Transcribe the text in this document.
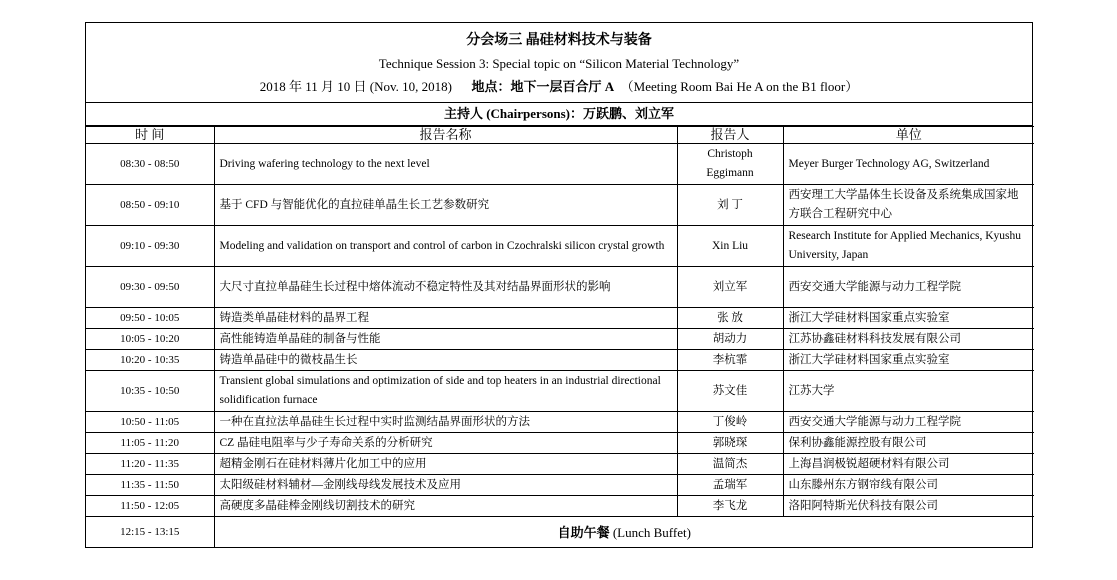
分会场三 晶硅材料技术与装备
Technique Session 3: Special topic on “Silicon Material Technology”
2018 年 11 月 10 日 (Nov. 10, 2018) 地点：地下一层百合厅 A （Meeting Room Bai He A on the B1 floor）
主持人 (Chairpersons)：万跃鹏、刘立军
时 间	报告名称	报告人	单位
08:30 - 08:50	Driving wafering technology to the next level	Christoph Eggimann	Meyer Burger Technology AG, Switzerland
08:50 - 09:10	基于 CFD 与智能优化的直拉硅单晶生长工艺参数研究	刘 丁	西安理工大学晶体生长设备及系统集成国家地方联合工程研究中心
09:10 - 09:30	Modeling and validation on transport and control of carbon in Czochralski silicon crystal growth	Xin Liu	Research Institute for Applied Mechanics, Kyushu University, Japan
09:30 - 09:50	大尺寸直拉单晶硅生长过程中熔体流动不稳定特性及其对结晶界面形状的影响	刘立军	西安交通大学能源与动力工程学院
09:50 - 10:05	铸造类单晶硅材料的晶界工程	张 放	浙江大学硅材料国家重点实验室
10:05 - 10:20	高性能铸造单晶硅的制备与性能	胡动力	江苏协鑫硅材料科技发展有限公司
10:20 - 10:35	铸造单晶硅中的微枝晶生长	李杭霏	浙江大学硅材料国家重点实验室
10:35 - 10:50	Transient global simulations and optimization of side and top heaters in an industrial directional solidification furnace	苏文佳	江苏大学
10:50 - 11:05	一种在直拉法单晶硅生长过程中实时监测结晶界面形状的方法	丁俊岭	西安交通大学能源与动力工程学院
11:05 - 11:20	CZ 晶硅电阻率与少子寿命关系的分析研究	郭晓琛	保利协鑫能源控股有限公司
11:20 - 11:35	超精金刚石在硅材料薄片化加工中的应用	温简杰	上海昌润极锐超硬材料有限公司
11:35 - 11:50	太阳级硅材料辅材—金刚线母线发展技术及应用	孟瑞军	山东滕州东方钢帘线有限公司
11:50 - 12:05	高硬度多晶硅棒金刚线切割技术的研究	李飞龙	洛阳阿特斯光伏科技有限公司
12:15 - 13:15	自助午餐 (Lunch Buffet)		
